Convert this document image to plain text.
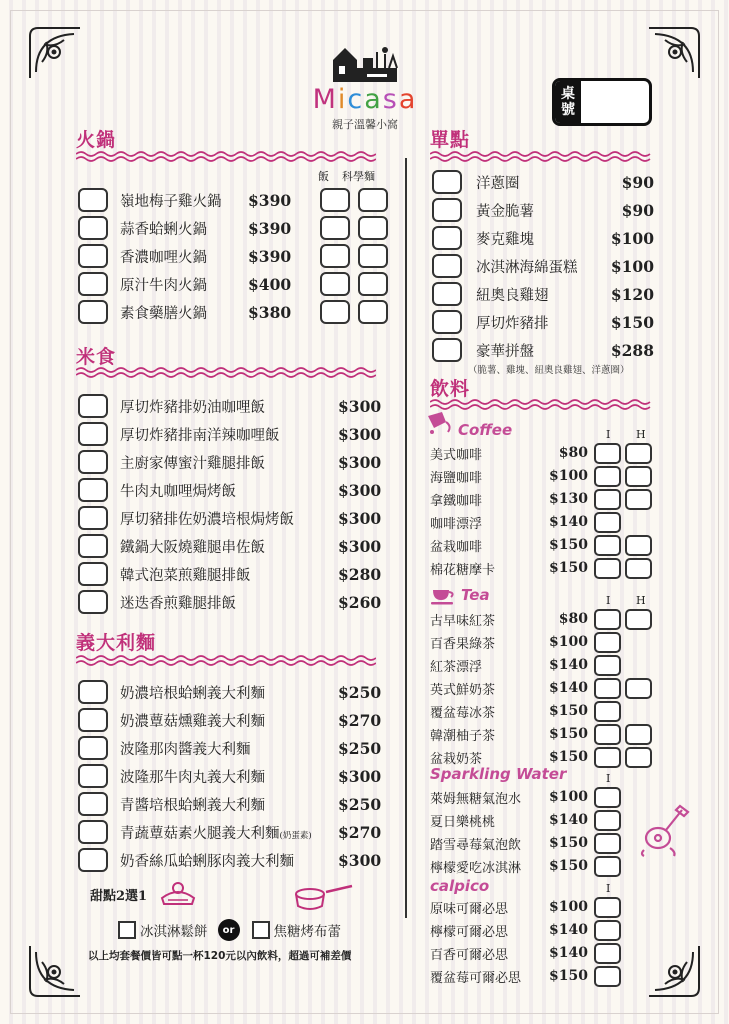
Micasa
親子溫馨小窩
桌
號
火鍋
飯 科學麵
嶺地梅子雞火鍋	$390
蒜香蛤蜊火鍋	$390
香濃咖哩火鍋	$390
原汁牛肉火鍋	$400
素食藥膳火鍋	$380
米食
厚切炸豬排奶油咖哩飯	$300
厚切炸豬排南洋辣咖哩飯	$300
主廚家傳蜜汁雞腿排飯	$300
牛肉丸咖哩焗烤飯	$300
厚切豬排佐奶濃培根焗烤飯	$300
鐵鍋大阪燒雞腿串佐飯	$300
韓式泡菜煎雞腿排飯	$280
迷迭香煎雞腿排飯	$260
義大利麵
奶濃培根蛤蜊義大利麵	$250
奶濃蕈菇燻雞義大利麵	$270
波隆那肉醬義大利麵	$250
波隆那牛肉丸義大利麵	$300
青醬培根蛤蜊義大利麵	$250
青蔬蕈菇素火腿義大利麵(奶蛋素)	$270
奶香絲瓜蛤蜊豚肉義大利麵	$300
甜點2選1
冰淇淋鬆餅	or	焦糖烤布蕾
以上均套餐價皆可點一杯120元以內飲料，超過可補差價
單點
洋蔥圈	$90
黃金脆薯	$90
麥克雞塊	$100
冰淇淋海綿蛋糕	$100
紐奧良雞翅	$120
厚切炸豬排	$150
豪華拼盤	$288
（脆薯、雞塊、紐奧良雞翅、洋蔥圈）
飲料
Coffee	I H
美式咖啡	$80
海鹽咖啡	$100
拿鐵咖啡	$130
咖啡漂浮	$140
盆栽咖啡	$150
棉花糖摩卡	$150
Tea	I H
古早味紅茶	$80
百香果綠茶	$100
紅茶漂浮	$140
英式鮮奶茶	$140
覆盆莓冰茶	$150
韓潮柚子茶	$150
盆栽奶茶	$150
Sparkling Water	I
萊姆無糖氣泡水	$100
夏日樂桃桃	$140
踏雪尋莓氣泡飲	$150
檸檬愛吃冰淇淋	$150
calpico	I
原味可爾必思	$100
檸檬可爾必思	$140
百香可爾必思	$140
覆盆莓可爾必思	$150
